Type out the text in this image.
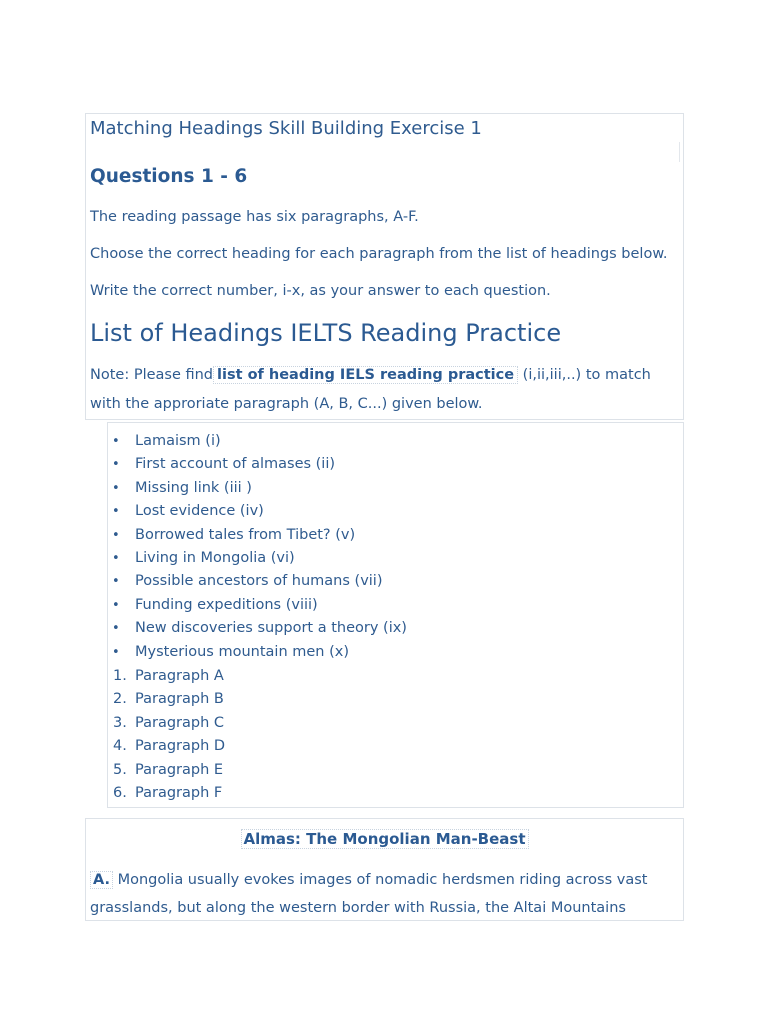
Matching Headings Skill Building Exercise 1
Questions 1 - 6
The reading passage has six paragraphs, A-F.
Choose the correct heading for each paragraph from the list of headings below.
Write the correct number, i-x, as your answer to each question.
List of Headings IELTS Reading Practice
Note: Please find list of heading IELS reading practice (i,ii,iii,..) to match
with the approriate paragraph (A, B, C...) given below.
• Lamaism (i)
• First account of almases (ii)
• Missing link (iii )
• Lost evidence (iv)
• Borrowed tales from Tibet? (v)
• Living in Mongolia (vi)
• Possible ancestors of humans (vii)
• Funding expeditions (viii)
• New discoveries support a theory (ix)
• Mysterious mountain men (x)
1. Paragraph A
2. Paragraph B
3. Paragraph C
4. Paragraph D
5. Paragraph E
6. Paragraph F
Almas: The Mongolian Man-Beast
A. Mongolia usually evokes images of nomadic herdsmen riding across vast grasslands, but along the western border with Russia, the Altai Mountains
